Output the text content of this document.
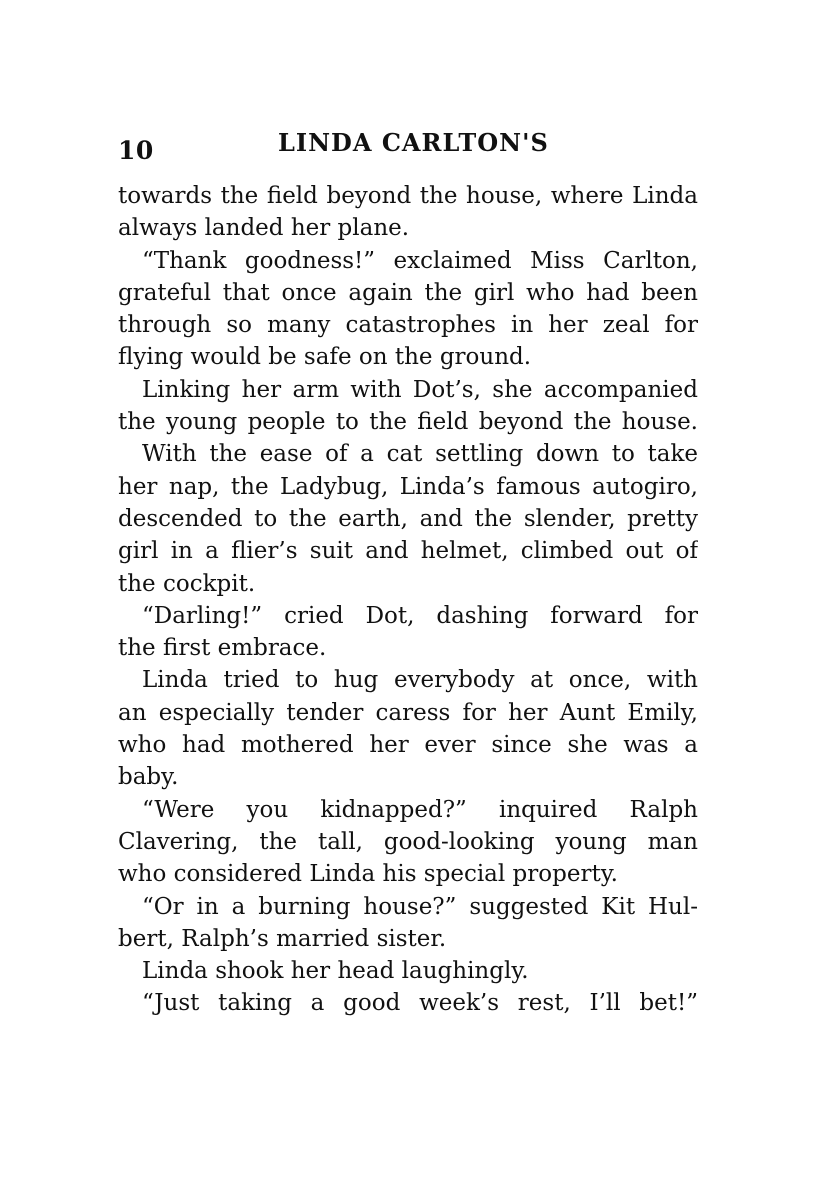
10	LINDA CARLTON'S
towards the field beyond the house, where Linda
always landed her plane.
“Thank goodness!” exclaimed Miss Carlton,
grateful that once again the girl who had been
through so many catastrophes in her zeal for
flying would be safe on the ground.
Linking her arm with Dot’s, she accompanied
the young people to the field beyond the house.
With the ease of a cat settling down to take
her nap, the Ladybug, Linda’s famous autogiro,
descended to the earth, and the slender, pretty
girl in a flier’s suit and helmet, climbed out of
the cockpit.
“Darling!” cried Dot, dashing forward for
the first embrace.
Linda tried to hug everybody at once, with
an especially tender caress for her Aunt Emily,
who had mothered her ever since she was a
baby.
“Were you kidnapped?” inquired Ralph
Clavering, the tall, good-looking young man
who considered Linda his special property.
“Or in a burning house?” suggested Kit Hul-
bert, Ralph’s married sister.
Linda shook her head laughingly.
“Just taking a good week’s rest, I’ll bet!”
